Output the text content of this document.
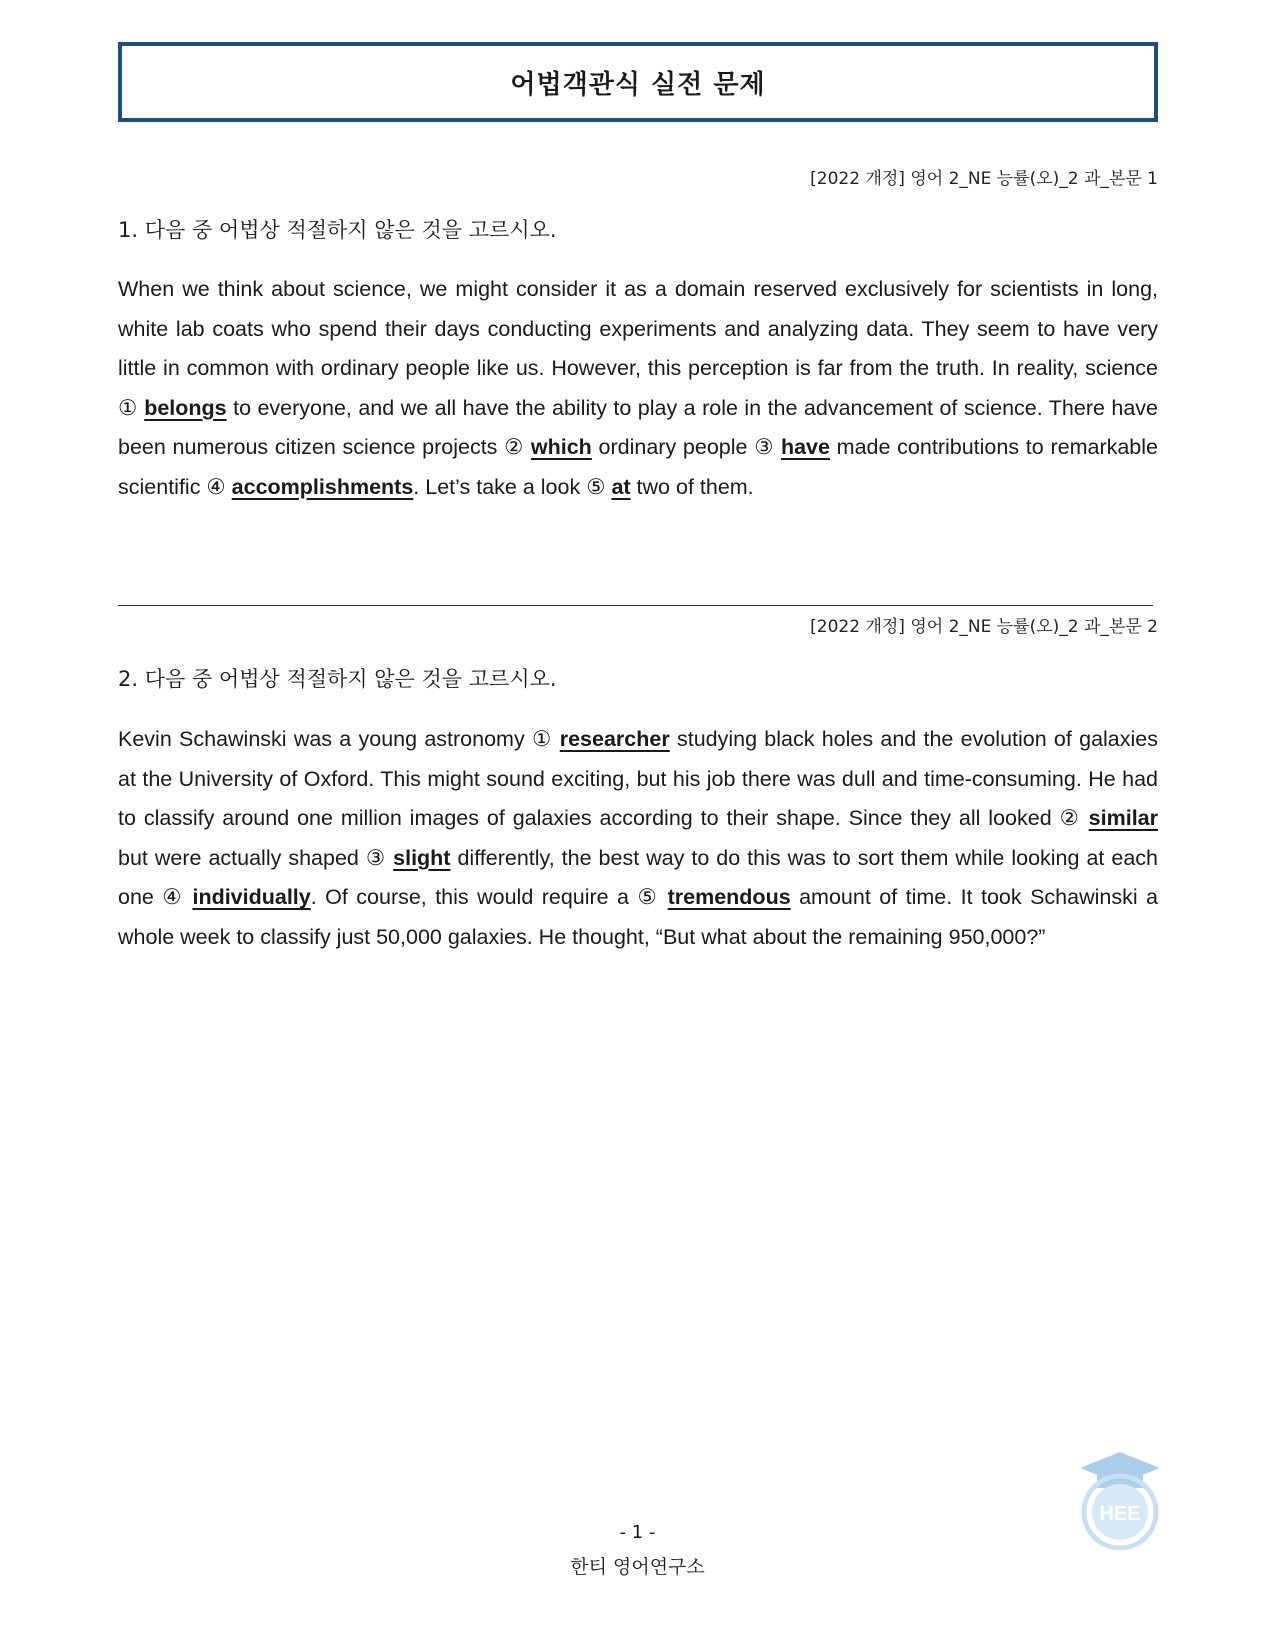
어법객관식 실전 문제
[2022 개정] 영어 2_NE 능률(오)_2 과_본문 1
1. 다음 중 어법상 적절하지 않은 것을 고르시오.
When we think about science, we might consider it as a domain reserved exclusively for scientists in long, white lab coats who spend their days conducting experiments and analyzing data. They seem to have very little in common with ordinary people like us. However, this perception is far from the truth. In reality, science ① belongs to everyone, and we all have the ability to play a role in the advancement of science. There have been numerous citizen science projects ② which ordinary people ③ have made contributions to remarkable scientific ④ accomplishments. Let’s take a look ⑤ at two of them.
[2022 개정] 영어 2_NE 능률(오)_2 과_본문 2
2. 다음 중 어법상 적절하지 않은 것을 고르시오.
Kevin Schawinski was a young astronomy ① researcher studying black holes and the evolution of galaxies at the University of Oxford. This might sound exciting, but his job there was dull and time-consuming. He had to classify around one million images of galaxies according to their shape. Since they all looked ② similar but were actually shaped ③ slight differently, the best way to do this was to sort them while looking at each one ④ individually. Of course, this would require a ⑤ tremendous amount of time. It took Schawinski a whole week to classify just 50,000 galaxies. He thought, “But what about the remaining 950,000?”
- 1 -
한티 영어연구소
HEE
